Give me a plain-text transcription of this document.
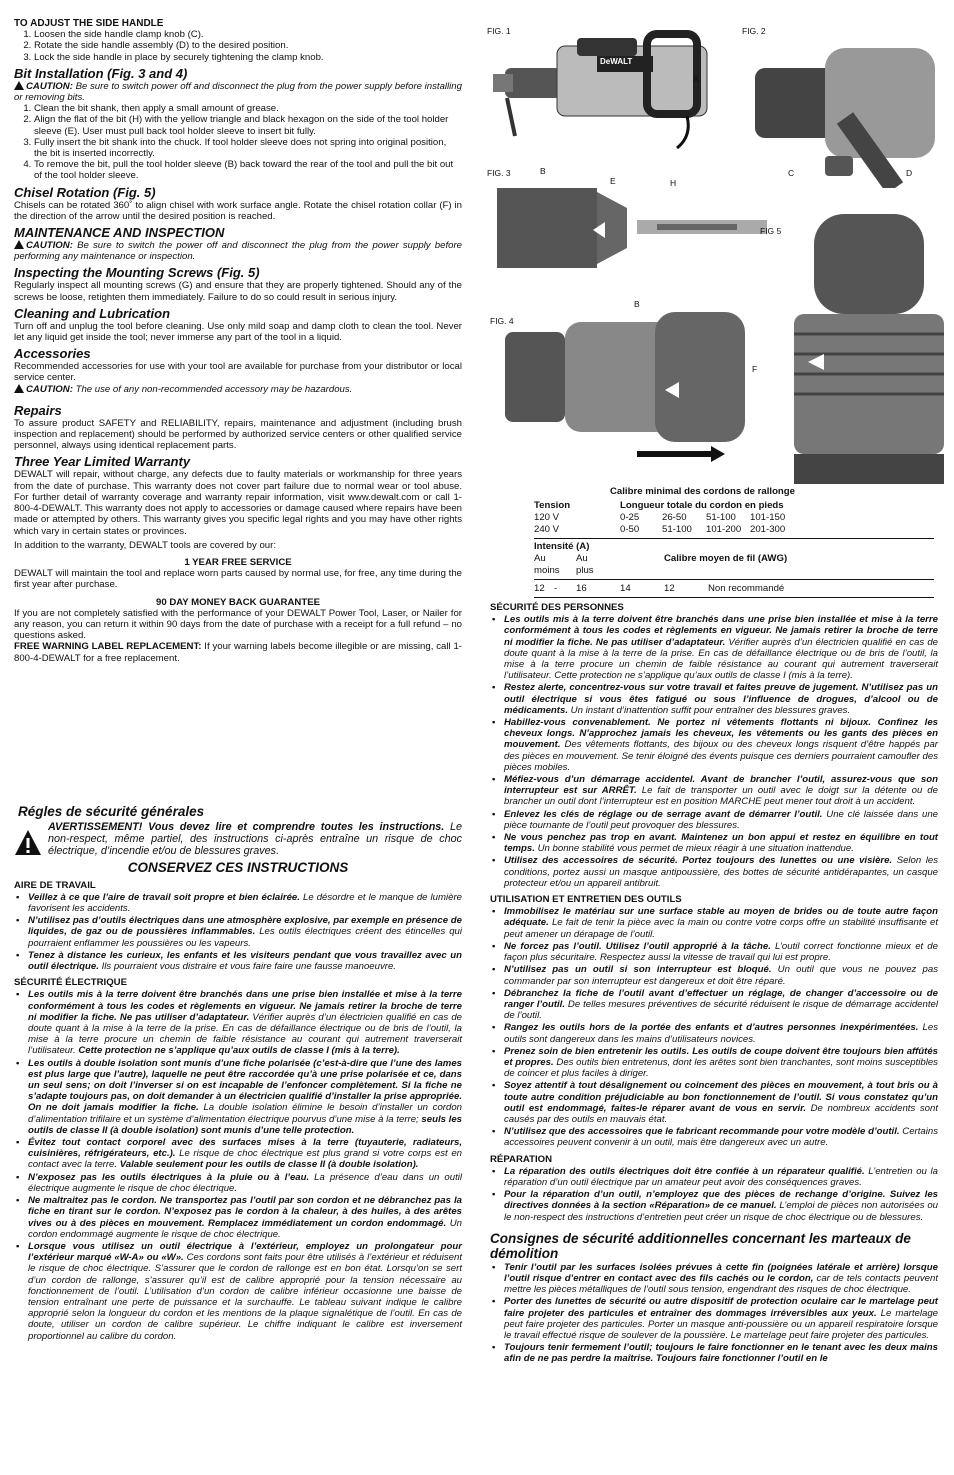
TO ADJUST THE SIDE HANDLE
1. Loosen the side handle clamp knob (C).
2. Rotate the side handle assembly (D) to the desired position.
3. Lock the side handle in place by securely tightening the clamp knob.
Bit Installation (Fig. 3 and 4)

CAUTION: Be sure to switch power off and disconnect the plug from the power supply before installing or removing bits.

1. Clean the bit shank, then apply a small amount of grease.
2. Align the flat of the bit (H) with the yellow triangle and black hexagon on the side of the tool holder sleeve (E). User must pull back tool holder sleeve to insert bit fully.
3. Fully insert the bit shank into the chuck. If tool holder sleeve does not spring into original position, the bit is inserted incorrectly.
4. To remove the bit, pull the tool holder sleeve (B) back toward the rear of the tool and pull the bit out of the tool holder sleeve.
Chisel Rotation (Fig. 5)

Chisels can be rotated 360˚ to align chisel with work surface angle. Rotate the chisel rotation collar (F) in the direction of the arrow until the desired position is reached.

MAINTENANCE AND INSPECTION

CAUTION: Be sure to switch the power off and disconnect the plug from the power supply before performing any maintenance or inspection.

Inspecting the Mounting Screws (Fig. 5)

Regularly inspect all mounting screws (G) and ensure that they are properly tightened. Should any of the screws be loose, retighten them immediately. Failure to do so could result in serious injury.

Cleaning and Lubrication

Turn off and unplug the tool before cleaning. Use only mild soap and damp cloth to clean the tool. Never let any liquid get inside the tool; never immerse any part of the tool in a liquid.

Accessories

Recommended accessories for use with your tool are available for purchase from your distributor or local service center.

CAUTION: The use of any non-recommended accessory may be hazardous.

Repairs

To assure product SAFETY and RELIABILITY, repairs, maintenance and adjustment (including brush inspection and replacement) should be performed by authorized service centers or other qualified service personnel, always using identical replacement parts.

Three Year Limited Warranty

DEWALT will repair, without charge, any defects due to faulty materials or workmanship for three years from the date of purchase. This warranty does not cover part failure due to normal wear or tool abuse. For further detail of warranty coverage and warranty repair information, visit www.dewalt.com or call 1-800-4-DEWALT. This warranty does not apply to accessories or damage caused where repairs have been made or attempted by others. This warranty gives you specific legal rights and you may have other rights which vary in certain states or provinces.

In addition to the warranty, DEWALT tools are covered by our:

1 YEAR FREE SERVICE

DEWALT will maintain the tool and replace worn parts caused by normal use, for free, any time during the first year after purchase.

90 DAY MONEY BACK GUARANTEE

If you are not completely satisfied with the performance of your DEWALT Power Tool, Laser, or Nailer for any reason, you can return it within 90 days from the date of purchase with a receipt for a full refund – no questions asked.

FREE WARNING LABEL REPLACEMENT: If your warning labels become illegible or are missing, call 1-800-4-DEWALT for a free replacement.

Régles de sécurité générales

AVERTISSEMENT! Vous devez lire et comprendre toutes les instructions. Le non-respect, même partiel, des instructions ci-après entraîne un risque de choc électrique, d’incendie et/ou de blessures graves.

CONSERVEZ CES INSTRUCTIONS
AIRE DE TRAVAIL
• Veillez à ce que l’aire de travail soit propre et bien éclairée. Le désordre et le manque de lumière favorisent les accidents.
• N’utilisez pas d’outils électriques dans une atmosphère explosive, par exemple en présence de liquides, de gaz ou de poussières inflammables. Les outils électriques créent des étincelles qui pourraient enflammer les poussières ou les vapeurs.
• Tenez à distance les curieux, les enfants et les visiteurs pendant que vous travaillez avec un outil électrique. Ils pourraient vous distraire et vous faire faire une fausse manoeuvre.
SÉCURITÉ ÉLECTRIQUE
• Les outils mis à la terre doivent être branchés dans une prise bien installée et mise à la terre conformément à tous les codes et règlements en vigueur. Ne jamais retirer la broche de terre ni modifier la fiche. Ne pas utiliser d’adaptateur. Vérifier auprès d’un électricien qualifié en cas de doute quant à la mise à la terre de la prise. En cas de défaillance électrique ou de bris de l’outil, la mise à la terre procure un chemin de faible résistance au courant qui autrement traverserait l’utilisateur. Cette protection ne s’applique qu’aux outils de classe I (mis à la terre).
• Les outils à double isolation sont munis d’une fiche polarisée (c’est-à-dire que l’une des lames est plus large que l’autre), laquelle ne peut être raccordée qu’à une prise polarisée et ce, dans un seul sens; on doit l’inverser si on est incapable de l’enfoncer complètement. Si la fiche ne s’adapte toujours pas, on doit demander à un électricien qualifié d’installer la prise appropriée. On ne doit jamais modifier la fiche. La double isolation élimine le besoin d’installer un cordon d’alimentation trifilaire et un système d’alimentation électrique pourvus d’une mise à la terre; seuls les outils de classe II (à double isolation) sont munis d’une telle protection.
• Évitez tout contact corporel avec des surfaces mises à la terre (tuyauterie, radiateurs, cuisinières, réfrigérateurs, etc.). Le risque de choc électrique est plus grand si votre corps est en contact avec la terre. Valable seulement pour les outils de classe II (à double isolation).
• N’exposez pas les outils électriques à la pluie ou à l’eau. La présence d’eau dans un outil électrique augmente le risque de choc électrique.
• Ne maltraitez pas le cordon. Ne transportez pas l’outil par son cordon et ne débranchez pas la fiche en tirant sur le cordon. N’exposez pas le cordon à la chaleur, à des huiles, à des arêtes vives ou à des pièces en mouvement. Remplacez immédiatement un cordon endommagé. Un cordon endommagé augmente le risque de choc électrique.
• Lorsque vous utilisez un outil électrique à l’extérieur, employez un prolongateur pour l’extérieur marqué «W-A» ou «W». Ces cordons sont faits pour être utilisés à l’extérieur et réduisent le risque de choc électrique. S’assurer que le cordon de rallonge est en bon état. Lorsqu’on se sert d’un cordon de rallonge, s’assurer qu’il est de calibre approprié pour la tension nécessaire au fonctionnement de l’outil. L’utilisation d’un cordon de calibre inférieur occasionne une baisse de tension entraînant une perte de puissance et la surchauffe. Le tableau suivant indique le calibre approprié selon la longueur du cordon et les mentions de la plaque signalétique de l’outil. En cas de doute, utiliser un cordon de calibre supérieur. Le chiffre indiquant le calibre est inversement proportionnel au calibre du cordon.
FIG. 1
DeWALT
A
FIG. 2
C	D
FIG. 3	B
E	H
FIG. 4
B
FIG 5
F
Calibre minimal des cordons de rallonge
Tension	Longueur totale du cordon en pieds
120 V	0-25	26-50	51-100	101-150
240 V	0-50	51-100	101-200 201-300
Intensité (A)
Au	Au	Calibre moyen de fil (AWG)
moins	plus
12 -	16	14	12	Non recommandé
SÉCURITÉ DES PERSONNES
• Les outils mis à la terre doivent être branchés dans une prise bien installée et mise à la terre conformément à tous les codes et règlements en vigueur. Ne jamais retirer la broche de terre ni modifier la fiche. Ne pas utiliser d’adaptateur. Vérifier auprès d’un électricien qualifié en cas de doute quant à la mise à la terre de la prise. En cas de défaillance électrique ou de bris de l’outil, la mise à la terre procure un chemin de faible résistance au courant qui autrement traverserait l’utilisateur. Cette protection ne s’applique qu’aux outils de classe I (mis à la terre).
• Restez alerte, concentrez-vous sur votre travail et faites preuve de jugement. N’utilisez pas un outil électrique si vous êtes fatigué ou sous l’influence de drogues, d’alcool ou de médicaments. Un instant d’inattention suffit pour entraîner des blessures graves.
• Habillez-vous convenablement. Ne portez ni vêtements flottants ni bijoux. Confinez les cheveux longs. N’approchez jamais les cheveux, les vêtements ou les gants des pièces en mouvement. Des vêtements flottants, des bijoux ou des cheveux longs risquent d’être happés par des pièces en mouvement. Se tenir éloigné des évents puisque ces derniers pourraient camoufler des pièces mobiles.
• Méfiez-vous d’un démarrage accidentel. Avant de brancher l’outil, assurez-vous que son interrupteur est sur ARRÊT. Le fait de transporter un outil avec le doigt sur la détente ou de brancher un outil dont l’interrupteur est en position MARCHE peut mener tout droit à un accident.
• Enlevez les clés de réglage ou de serrage avant de démarrer l’outil. Une clé laissée dans une pièce tournante de l’outil peut provoquer des blessures.
• Ne vous penchez pas trop en avant. Maintenez un bon appui et restez en équilibre en tout temps. Un bonne stabilité vous permet de mieux réagir à une situation inattendue.
• Utilisez des accessoires de sécurité. Portez toujours des lunettes ou une visière. Selon les conditions, portez aussi un masque antipoussière, des bottes de sécurité antidérapantes, un casque protecteur et/ou un appareil antibruit.
UTILISATION ET ENTRETIEN DES OUTILS
• Immobilisez le matériau sur une surface stable au moyen de brides ou de toute autre façon adéquate. Le fait de tenir la pièce avec la main ou contre votre corps offre un stabilité insuffisante et peut amener un dérapage de l’outil.
• Ne forcez pas l’outil. Utilisez l’outil approprié à la tâche. L’outil correct fonctionne mieux et de façon plus sécuritaire. Respectez aussi la vitesse de travail qui lui est propre.
• N’utilisez pas un outil si son interrupteur est bloqué. Un outil que vous ne pouvez pas commander par son interrupteur est dangereux et doit être réparé.
• Débranchez la fiche de l’outil avant d’effectuer un réglage, de changer d’accessoire ou de ranger l’outil. De telles mesures préventives de sécurité réduisent le risque de démarrage accidentel de l’outil.
• Rangez les outils hors de la portée des enfants et d’autres personnes inexpérimentées. Les outils sont dangereux dans les mains d’utilisateurs novices.
• Prenez soin de bien entretenir les outils. Les outils de coupe doivent être toujours bien affûtés et propres. Des outils bien entretenus, dont les arêtes sont bien tranchantes, sont moins susceptibles de coincer et plus faciles à diriger.
• Soyez attentif à tout désalignement ou coincement des pièces en mouvement, à tout bris ou à toute autre condition préjudiciable au bon fonctionnement de l’outil. Si vous constatez qu’un outil est endommagé, faites-le réparer avant de vous en servir. De nombreux accidents sont causés par des outils en mauvais état.
• N’utilisez que des accessoires que le fabricant recommande pour votre modèle d’outil. Certains accessoires peuvent convenir à un outil, mais être dangereux avec un autre.
RÉPARATION
• La réparation des outils électriques doit être confiée à un réparateur qualifié. L’entretien ou la réparation d’un outil électrique par un amateur peut avoir des conséquences graves.
• Pour la réparation d’un outil, n’employez que des pièces de rechange d’origine. Suivez les directives données à la section «Réparation» de ce manuel. L’emploi de pièces non autorisées ou le non-respect des instructions d’entretien peut créer un risque de choc électrique ou de blessures.
Consignes de sécurité additionnelles concernant les marteaux de démolition
• Tenir l’outil par les surfaces isolées prévues à cette fin (poignées latérale et arrière) lorsque l’outil risque d’entrer en contact avec des fils cachés ou le cordon, car de tels contacts peuvent mettre les pièces métalliques de l’outil sous tension, engendrant des risques de choc électrique.
• Porter des lunettes de sécurité ou autre dispositif de protection oculaire car le martelage peut faire projeter des particules et entraîner des dommages irréversibles aux yeux. Le martelage peut faire projeter des particules. Porter un masque anti-poussière ou un appareil respiratoire lorsque le travail effectué risque de soulever de la poussière. Le martelage peut faire projeter des particules.
• Toujours tenir fermement l’outil; toujours le faire fonctionner en le tenant avec les deux mains afin de ne pas perdre la maîtrise. Toujours faire fonctionner l’outil en le
